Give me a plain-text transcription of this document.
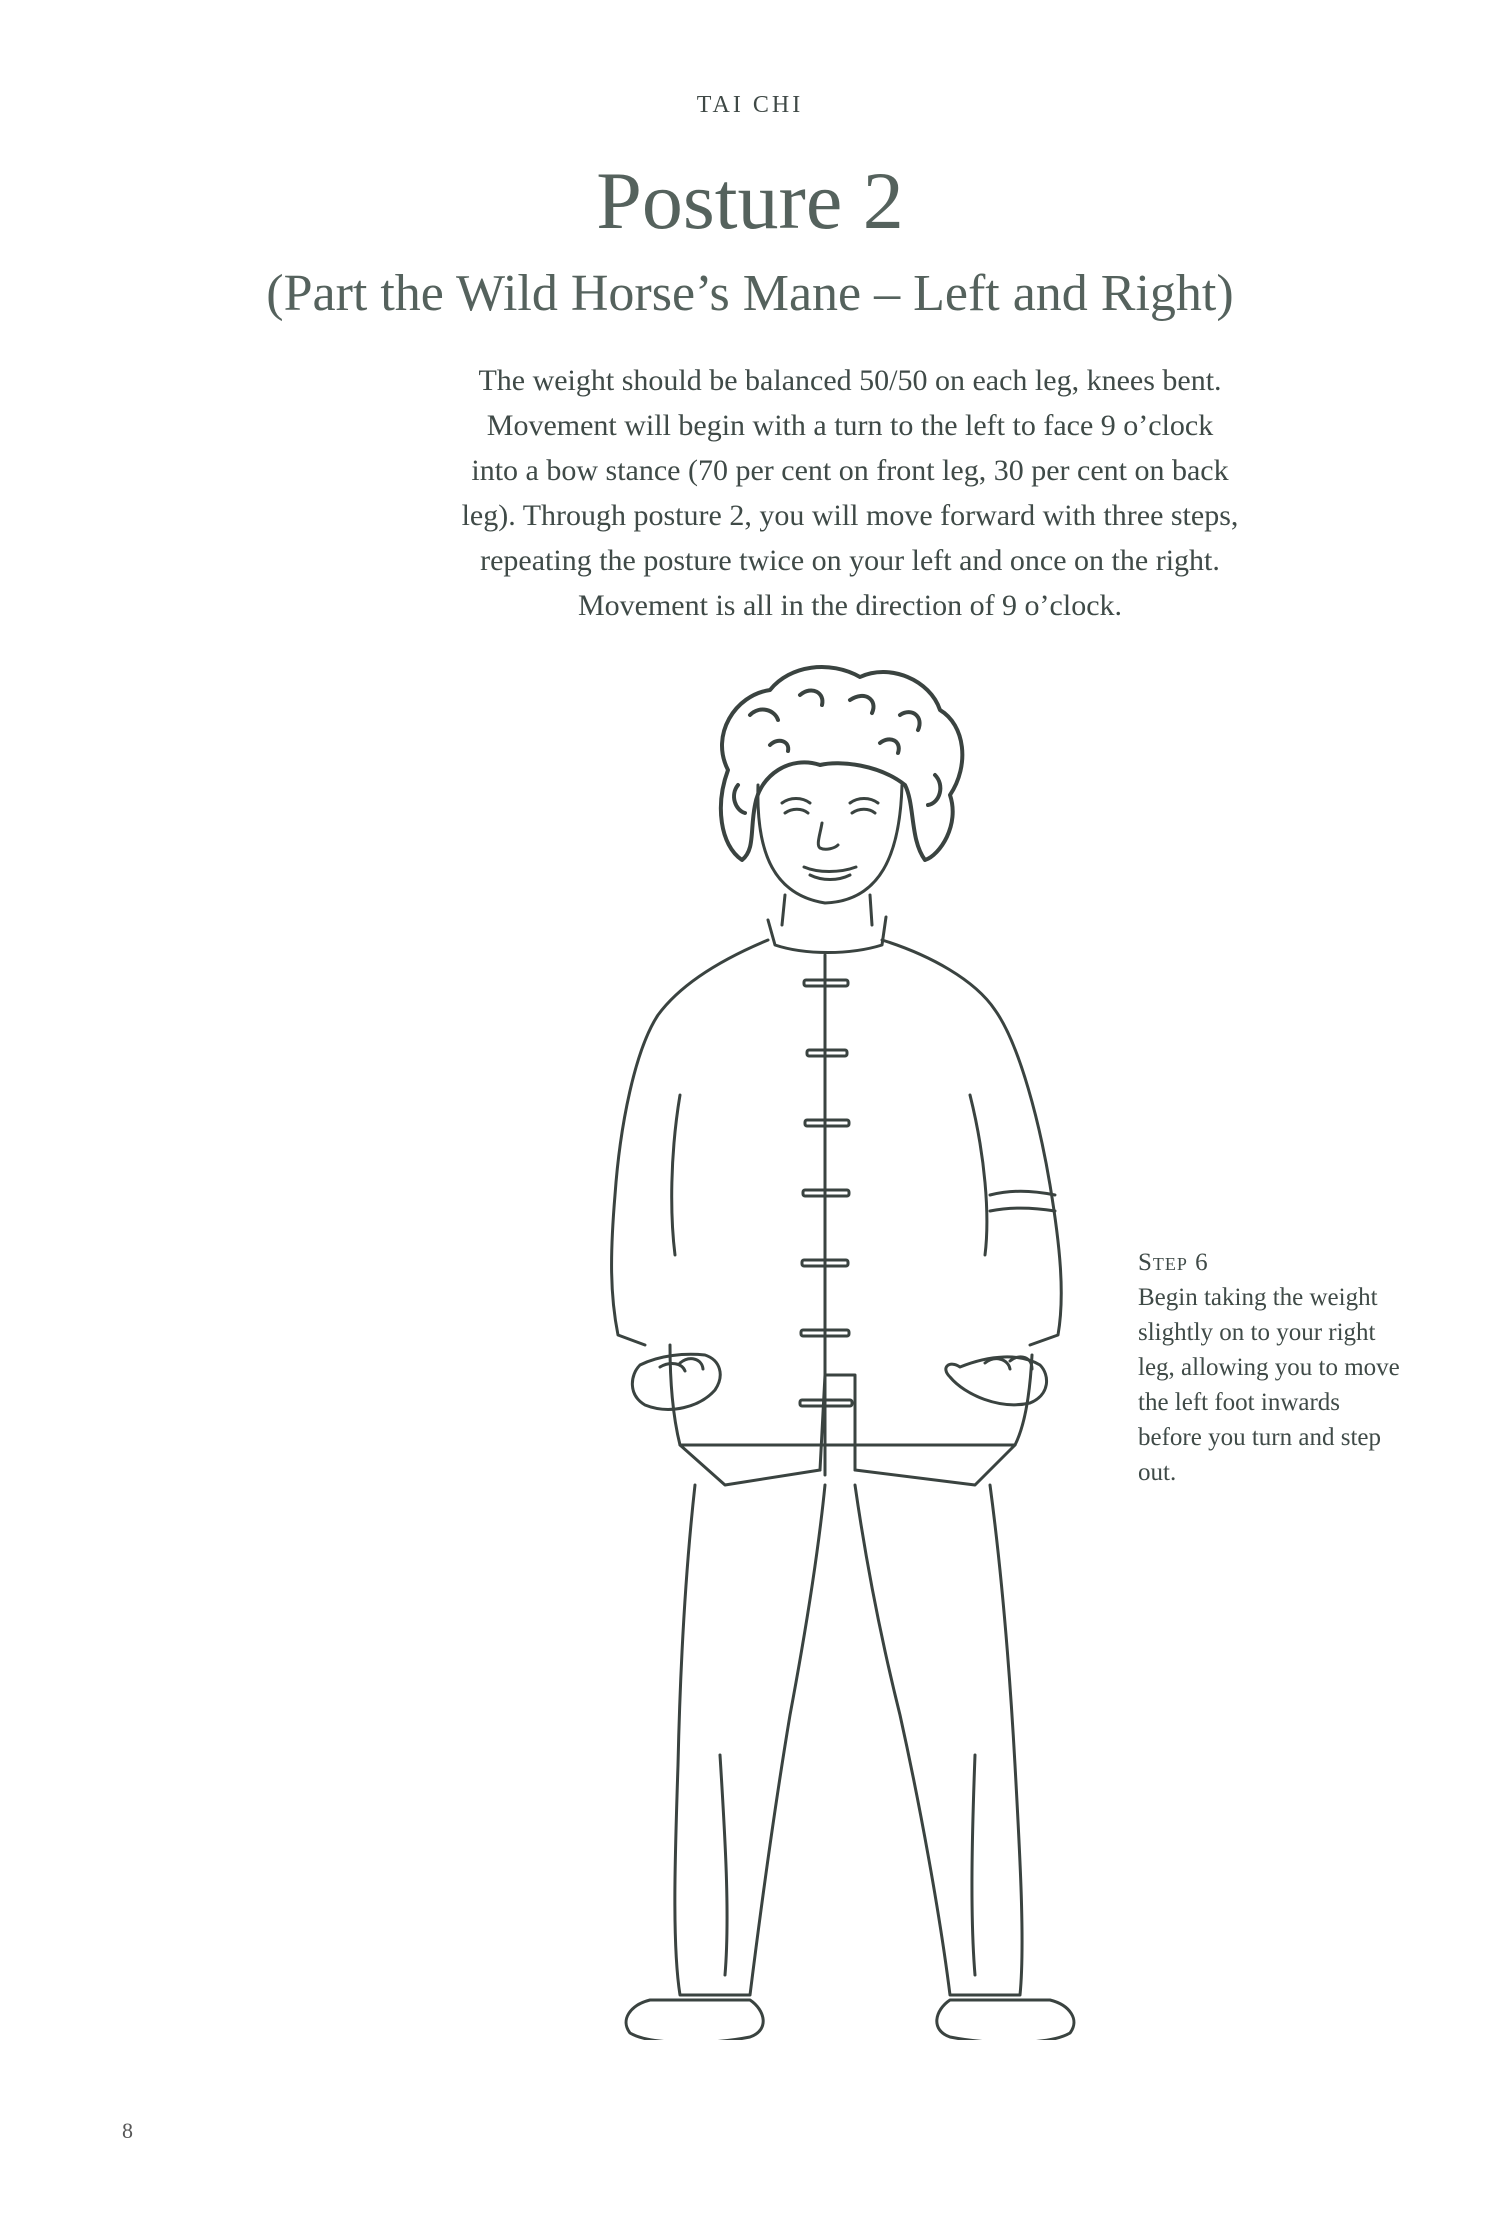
TAI CHI
Posture 2
(Part the Wild Horse’s Mane – Left and Right)

The weight should be balanced 50/50 on each leg, knees bent.

Movement will begin with a turn to the left to face 9 o’clock

into a bow stance (70 per cent on front leg, 30 per cent on back

leg). Through posture 2, you will move forward with three steps,

repeating the posture twice on your left and once on the right.

Movement is all in the direction of 9 o’clock.

Step 6
Begin taking the weight
slightly on to your right
leg, allowing you to move
the left foot inwards
before you turn and step
out.
8
